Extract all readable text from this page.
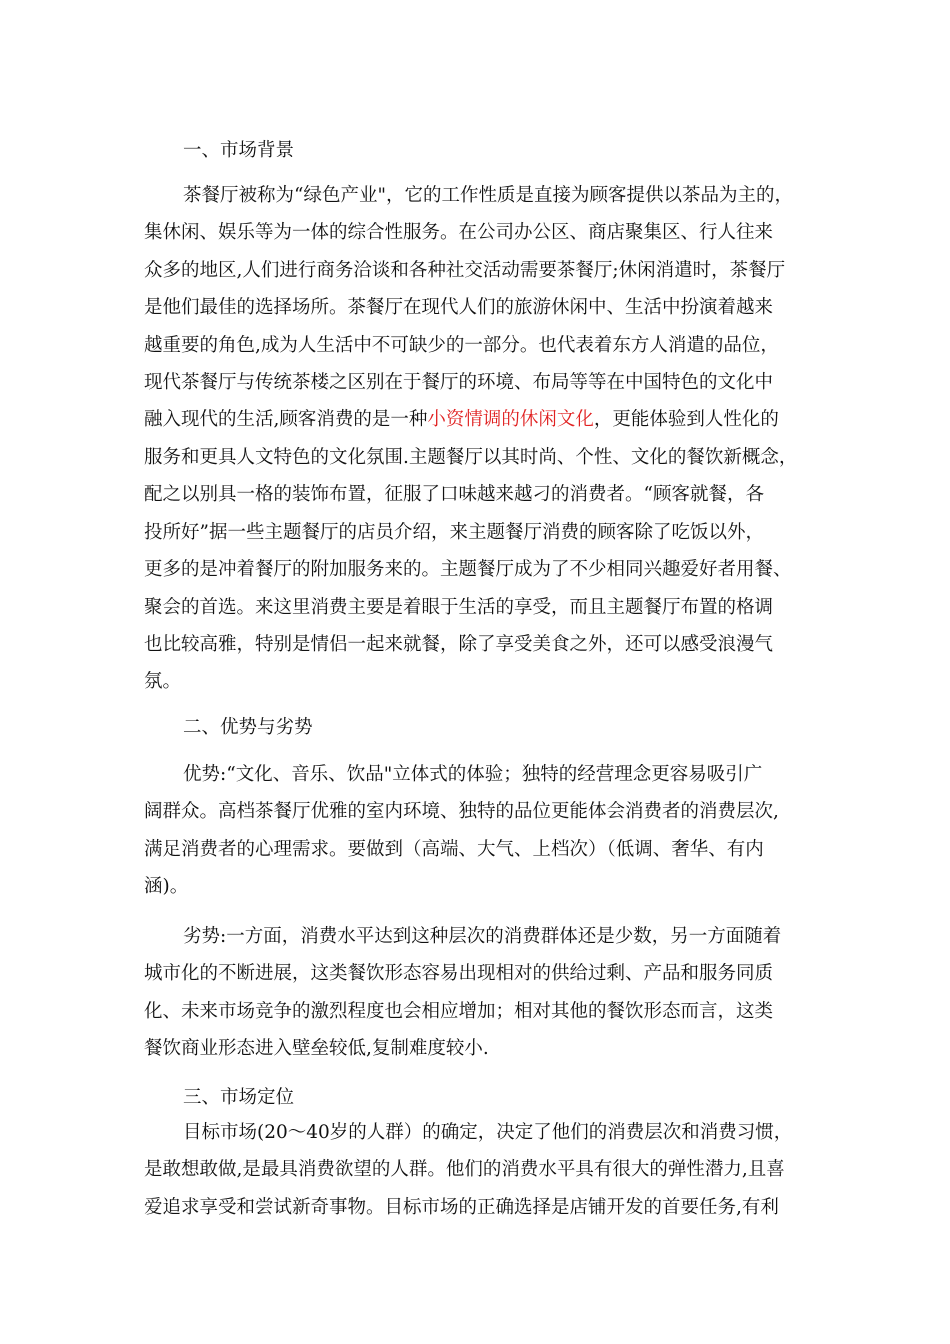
一、市场背景

茶餐厅被称为“绿色产业"，它的工作性质是直接为顾客提供以茶品为主的，

集休闲、娱乐等为一体的综合性服务。在公司办公区、商店聚集区、行人往来

众多的地区,人们进行商务洽谈和各种社交活动需要茶餐厅;休闲消遣时，茶餐厅

是他们最佳的选择场所。茶餐厅在现代人们的旅游休闲中、生活中扮演着越来

越重要的角色,成为人生活中不可缺少的一部分。也代表着东方人消遣的品位，

现代茶餐厅与传统茶楼之区别在于餐厅的环境、布局等等在中国特色的文化中

融入现代的生活,顾客消费的是一种小资情调的休闲文化，更能体验到人性化的

服务和更具人文特色的文化氛围.主题餐厅以其时尚、个性、文化的餐饮新概念，

配之以别具一格的装饰布置，征服了口味越来越刁的消费者。“顾客就餐，各

投所好”据一些主题餐厅的店员介绍，来主题餐厅消费的顾客除了吃饭以外，

更多的是冲着餐厅的附加服务来的。主题餐厅成为了不少相同兴趣爱好者用餐、

聚会的首选。来这里消费主要是着眼于生活的享受，而且主题餐厅布置的格调

也比较高雅，特别是情侣一起来就餐，除了享受美食之外，还可以感受浪漫气

氛。

二、优势与劣势

优势:“文化、音乐、饮品"立体式的体验；独特的经营理念更容易吸引广

阔群众。高档茶餐厅优雅的室内环境、独特的品位更能体会消费者的消费层次,

满足消费者的心理需求。要做到（高端、大气、上档次）（低调、奢华、有内

涵)。

劣势:一方面，消费水平达到这种层次的消费群体还是少数，另一方面随着

城市化的不断进展，这类餐饮形态容易出现相对的供给过剩、产品和服务同质

化、未来市场竞争的激烈程度也会相应增加；相对其他的餐饮形态而言，这类

餐饮商业形态进入壁垒较低,复制难度较小.

三、市场定位

目标市场(20～40岁的人群）的确定，决定了他们的消费层次和消费习惯，

是敢想敢做,是最具消费欲望的人群。他们的消费水平具有很大的弹性潜力,且喜

爱追求享受和尝试新奇事物。目标市场的正确选择是店铺开发的首要任务,有利
